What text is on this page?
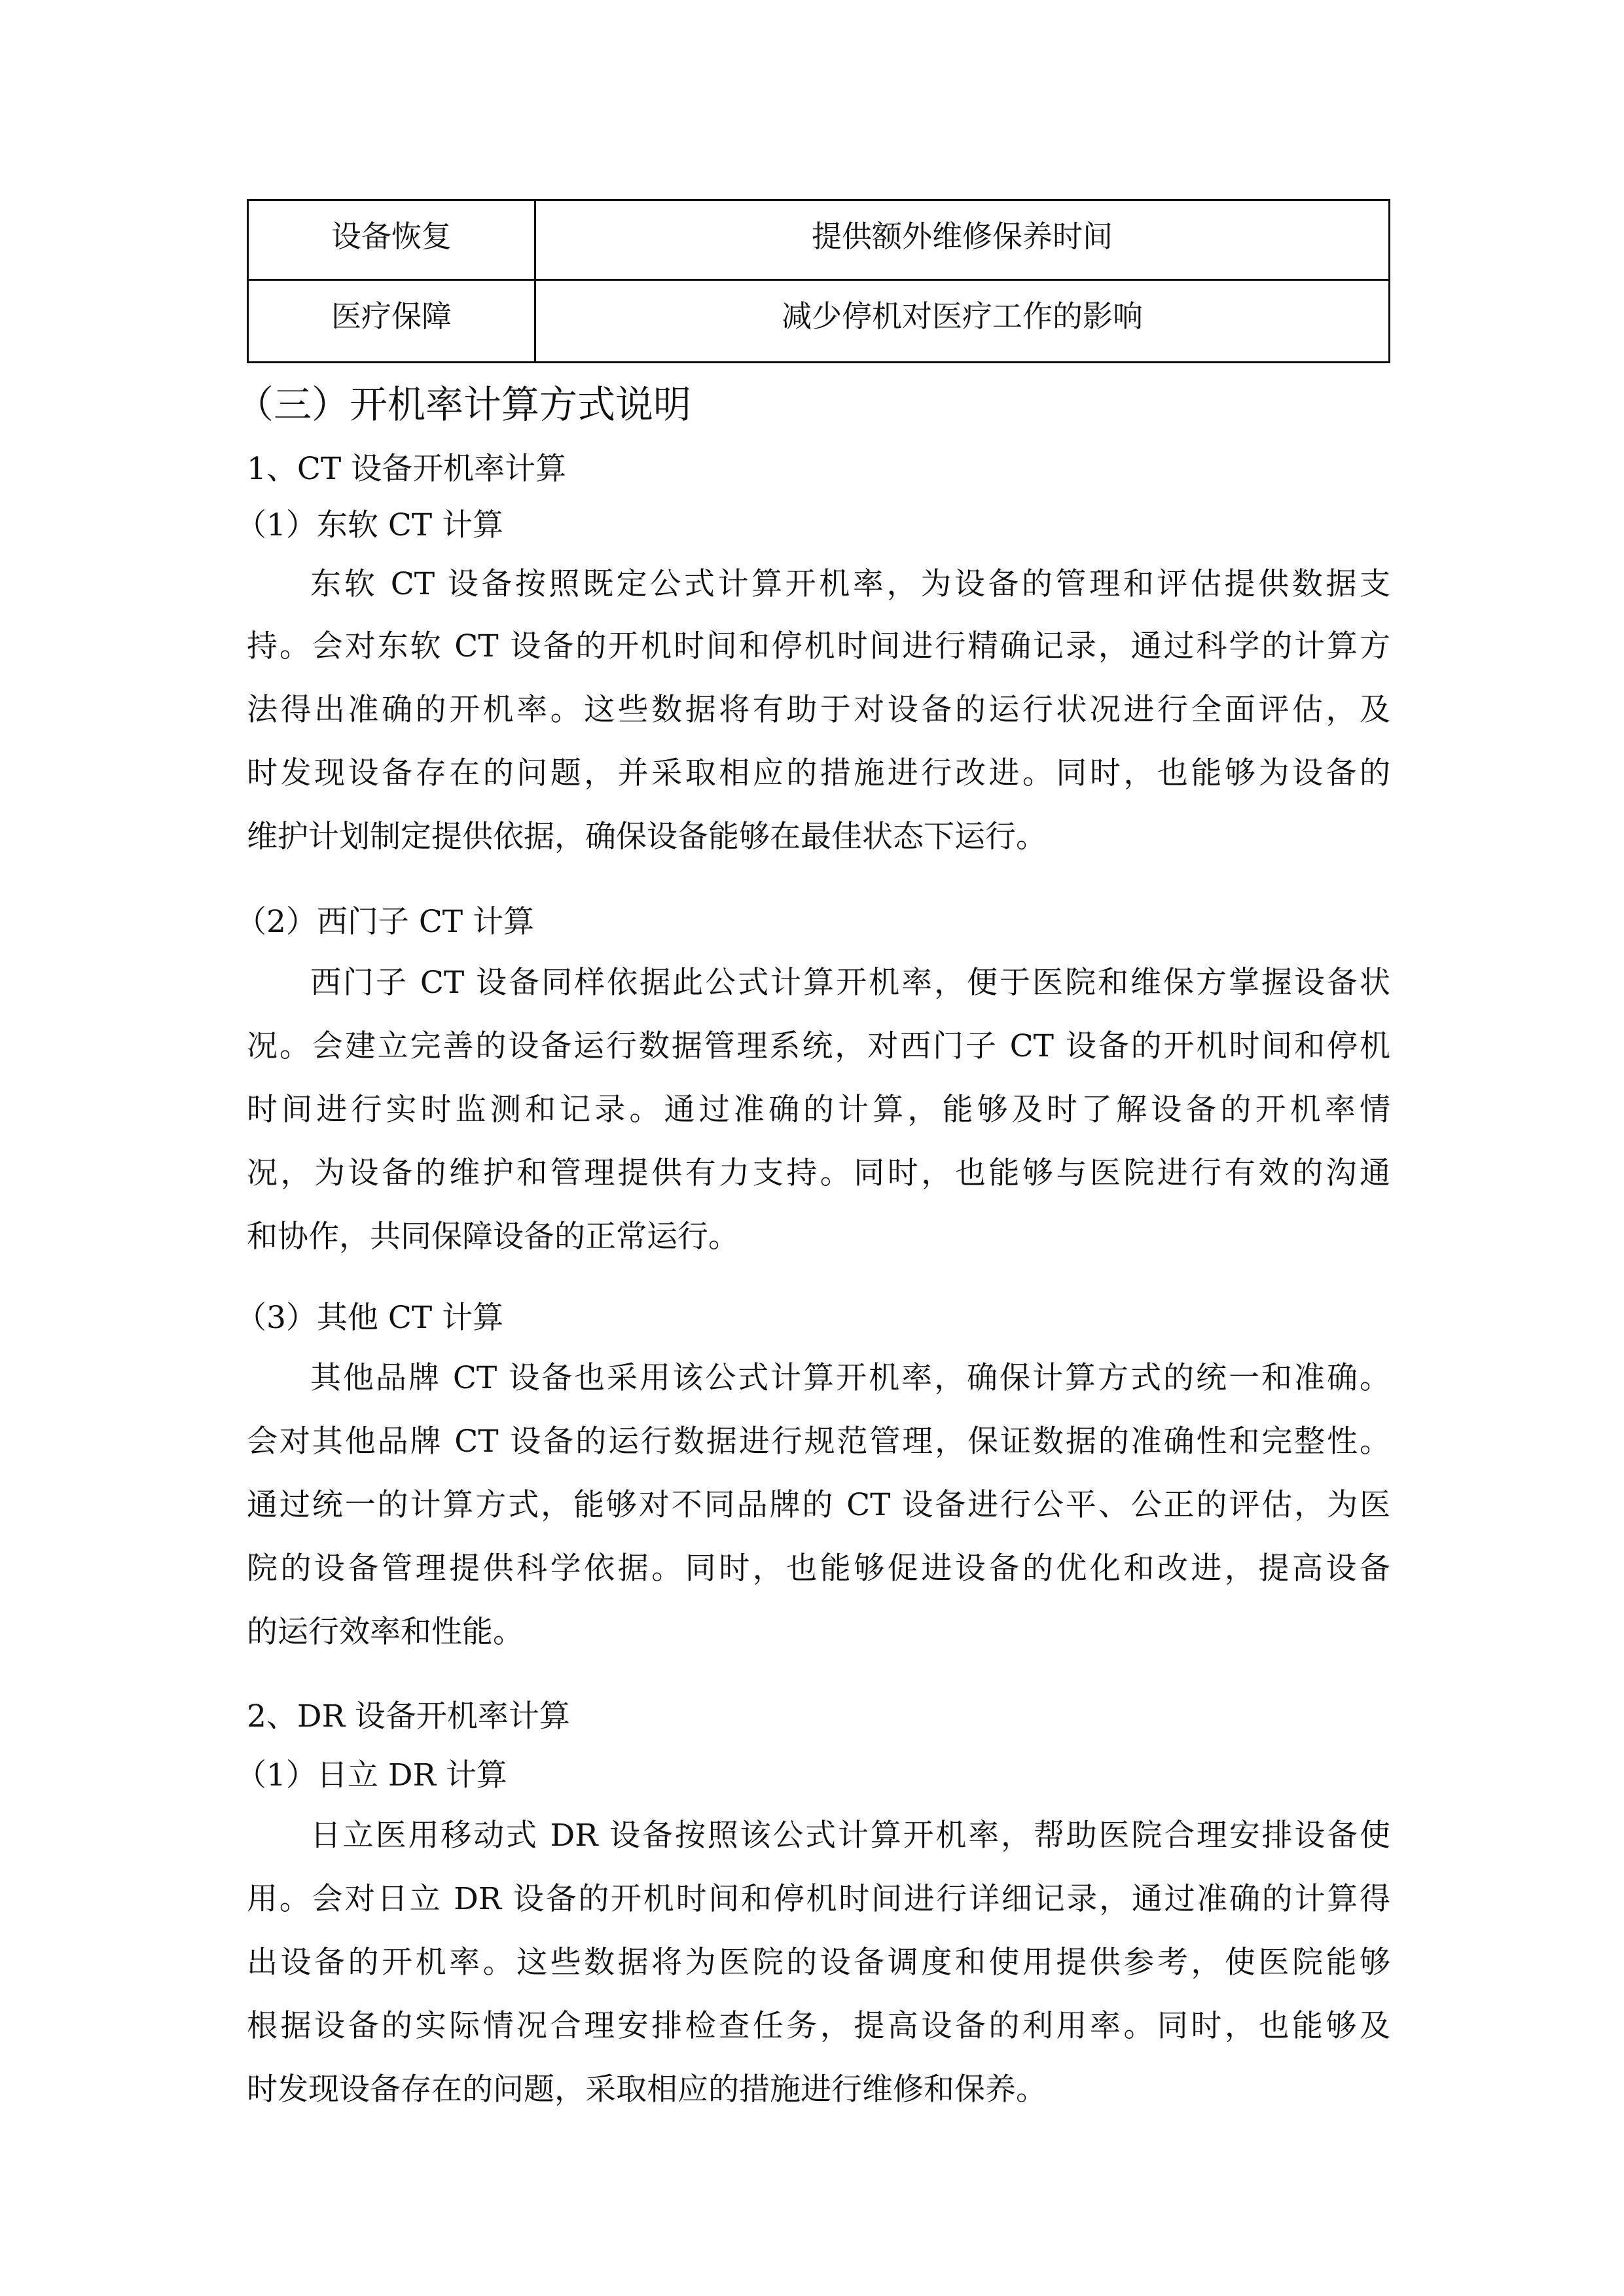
设备恢复	提供额外维修保养时间
医疗保障	减少停机对医疗工作的影响
（三）开机率计算方式说明
1、CT 设备开机率计算
（1）东软 CT 计算
东软 CT 设备按照既定公式计算开机率，为设备的管理和评估提供数据支
持。会对东软 CT 设备的开机时间和停机时间进行精确记录，通过科学的计算方
法得出准确的开机率。这些数据将有助于对设备的运行状况进行全面评估，及
时发现设备存在的问题，并采取相应的措施进行改进。同时，也能够为设备的
维护计划制定提供依据，确保设备能够在最佳状态下运行。
（2）西门子 CT 计算
西门子 CT 设备同样依据此公式计算开机率，便于医院和维保方掌握设备状
况。会建立完善的设备运行数据管理系统，对西门子 CT 设备的开机时间和停机
时间进行实时监测和记录。通过准确的计算，能够及时了解设备的开机率情
况，为设备的维护和管理提供有力支持。同时，也能够与医院进行有效的沟通
和协作，共同保障设备的正常运行。
（3）其他 CT 计算
其他品牌 CT 设备也采用该公式计算开机率，确保计算方式的统一和准确。
会对其他品牌 CT 设备的运行数据进行规范管理，保证数据的准确性和完整性。
通过统一的计算方式，能够对不同品牌的 CT 设备进行公平、公正的评估，为医
院的设备管理提供科学依据。同时，也能够促进设备的优化和改进，提高设备
的运行效率和性能。
2、DR 设备开机率计算
（1）日立 DR 计算
日立医用移动式 DR 设备按照该公式计算开机率，帮助医院合理安排设备使
用。会对日立 DR 设备的开机时间和停机时间进行详细记录，通过准确的计算得
出设备的开机率。这些数据将为医院的设备调度和使用提供参考，使医院能够
根据设备的实际情况合理安排检查任务，提高设备的利用率。同时，也能够及
时发现设备存在的问题，采取相应的措施进行维修和保养。
